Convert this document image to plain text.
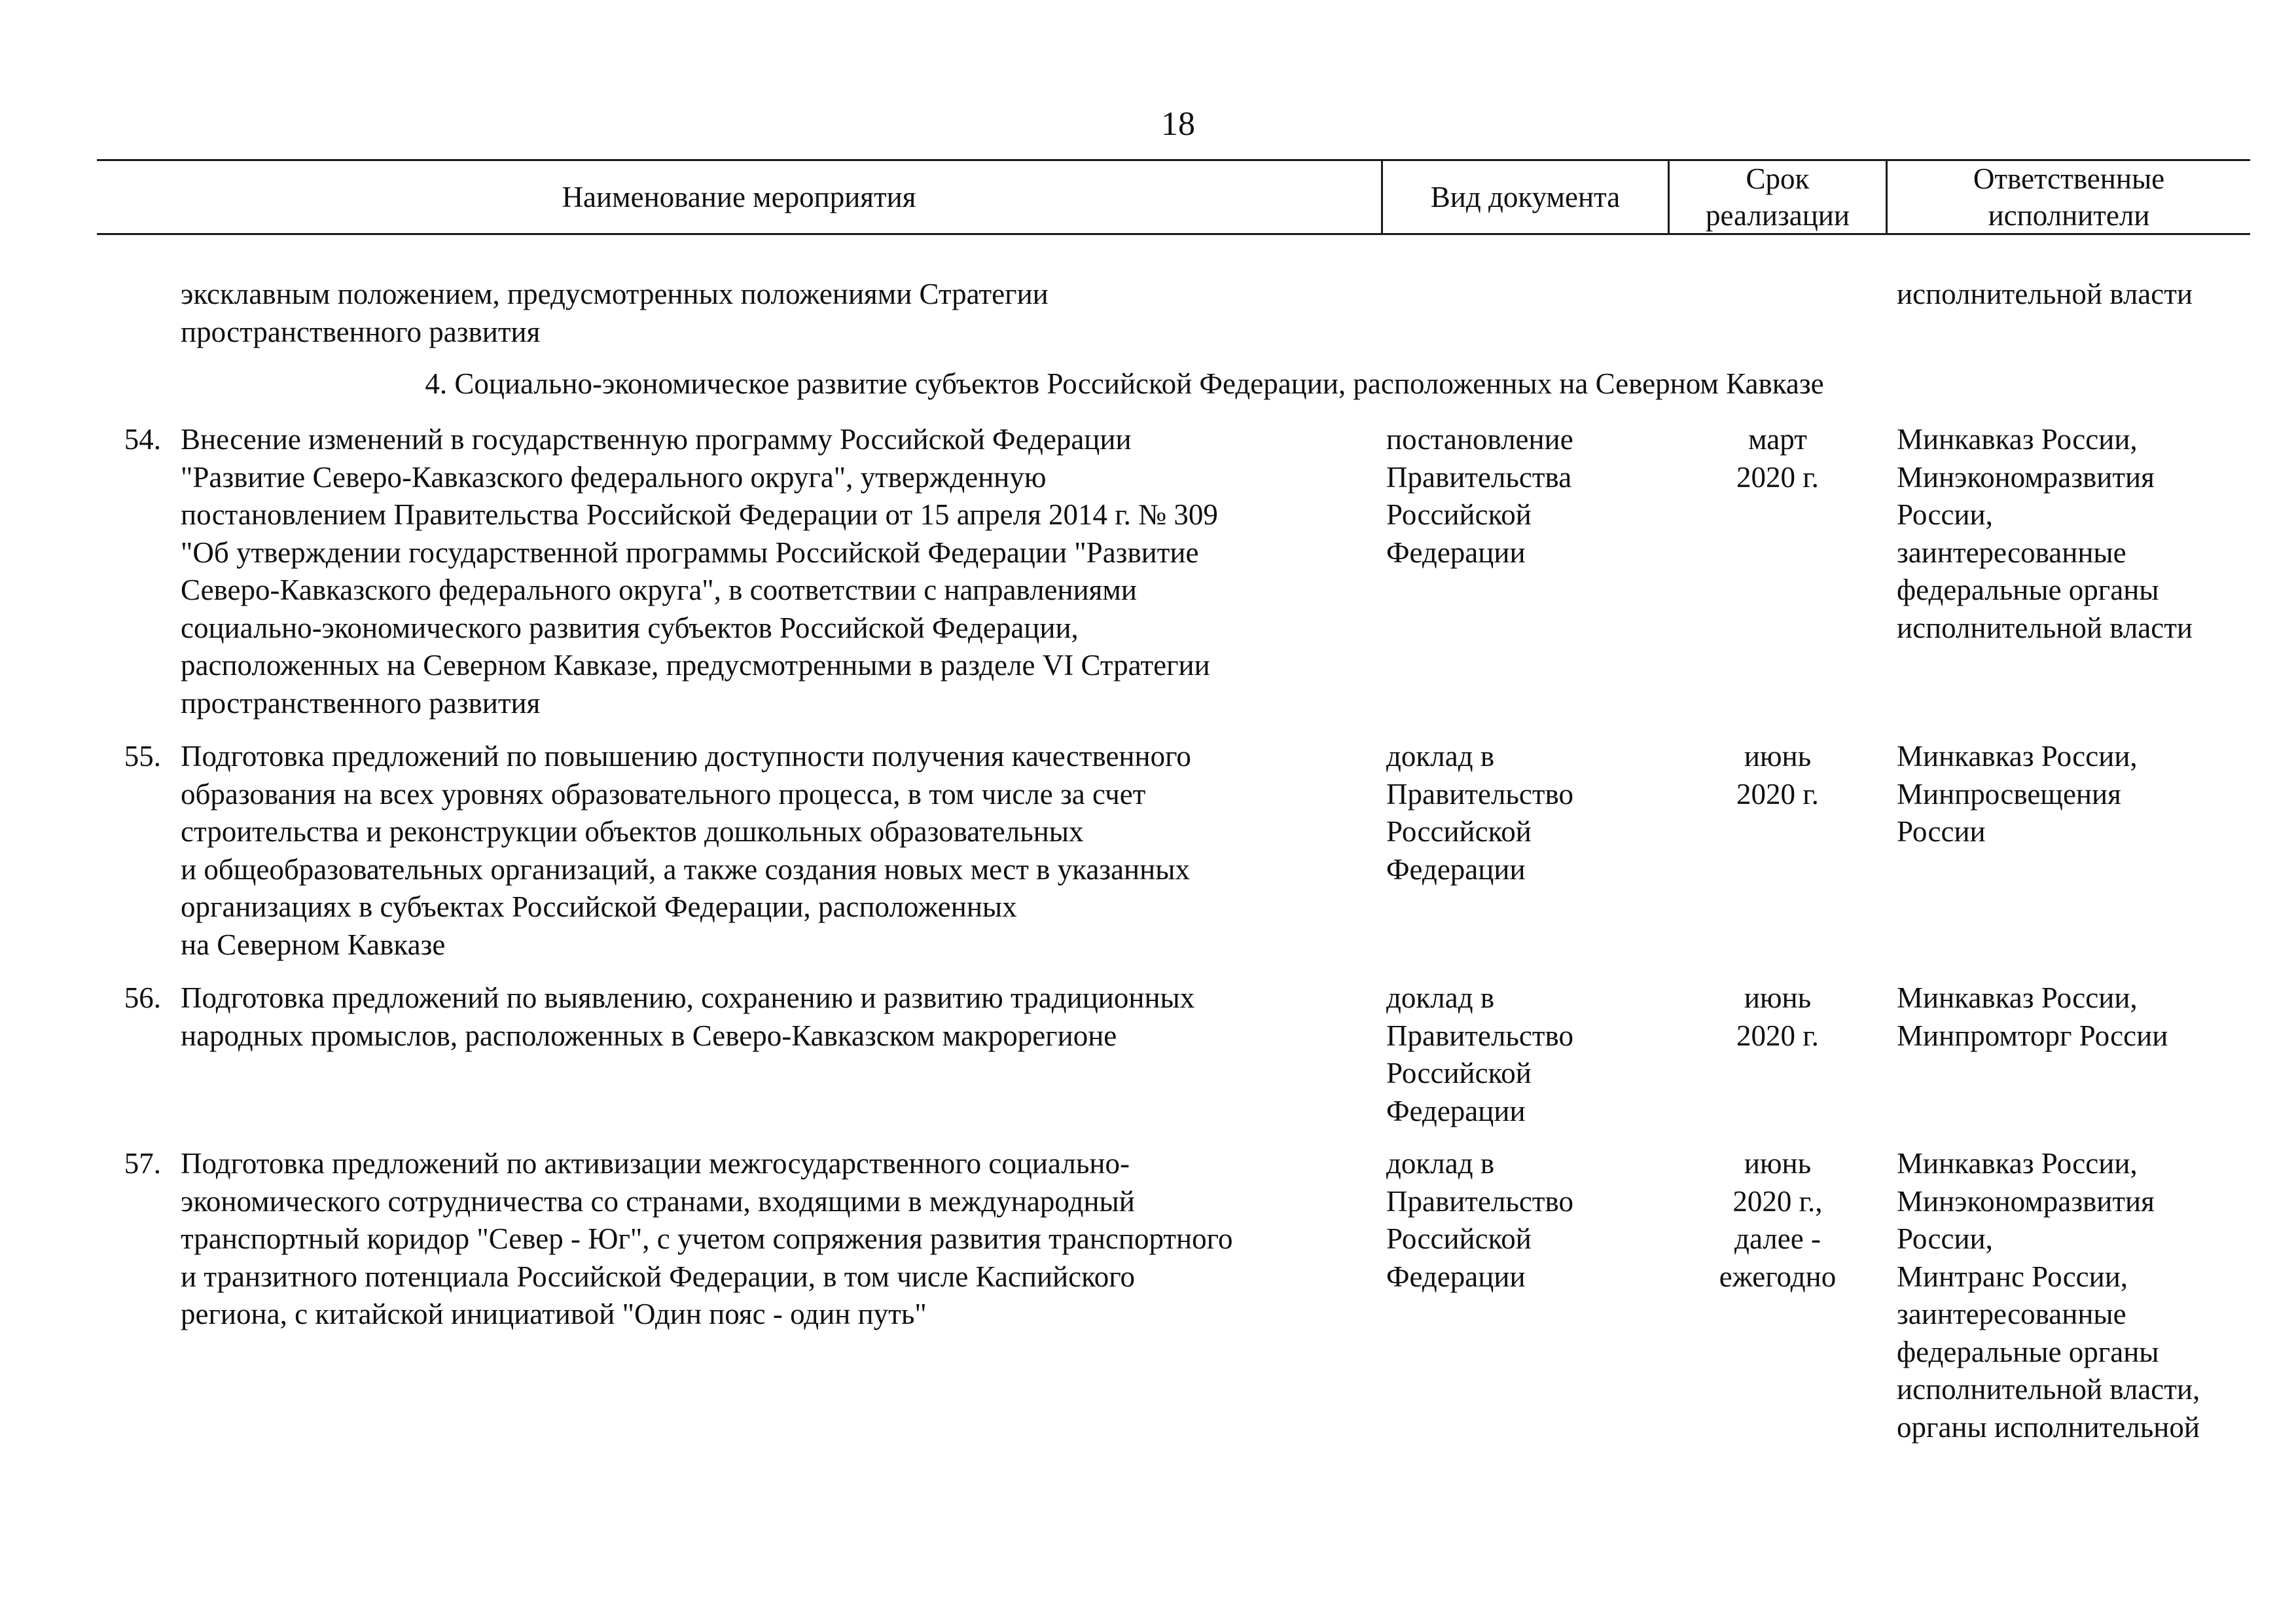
18
Наименование мероприятия	Вид документа
Срок
реализации
Ответственные
исполнители
эксклавным положением, предусмотренных положениями Стратегии
пространственного развития
исполнительной власти
4. Социально-экономическое развитие субъектов Российской Федерации, расположенных на Северном Кавказе
54. Внесение изменений в государственную программу Российской Федерации
"Развитие Северо-Кавказского федерального округа", утвержденную
постановлением Правительства Российской Федерации от 15 апреля 2014 г. № 309
"Об утверждении государственной программы Российской Федерации "Развитие
Северо-Кавказского федерального округа", в соответствии с направлениями
социально-экономического развития субъектов Российской Федерации,
расположенных на Северном Кавказе, предусмотренными в разделе VI Стратегии
пространственного развития
постановление
Правительства
Российской
Федерации
март
2020 г.
Минкавказ России,
Минэкономразвития
России,
заинтересованные
федеральные органы
исполнительной власти
55. Подготовка предложений по повышению доступности получения качественного
образования на всех уровнях образовательного процесса, в том числе за счет
строительства и реконструкции объектов дошкольных образовательных
и общеобразовательных организаций, а также создания новых мест в указанных
организациях в субъектах Российской Федерации, расположенных
на Северном Кавказе
доклад в
Правительство
Российской
Федерации
июнь
2020 г.
Минкавказ России,
Минпросвещения
России
56. Подготовка предложений по выявлению, сохранению и развитию традиционных
народных промыслов, расположенных в Северо-Кавказском макрорегионе
доклад в
Правительство
Российской
Федерации
июнь
2020 г.
Минкавказ России,
Минпромторг России
57. Подготовка предложений по активизации межгосударственного социально-
экономического сотрудничества со странами, входящими в международный
транспортный коридор "Север - Юг", с учетом сопряжения развития транспортного
и транзитного потенциала Российской Федерации, в том числе Каспийского
региона, с китайской инициативой "Один пояс - один путь"
доклад в
Правительство
Российской
Федерации
июнь
2020 г.,
далее -
ежегодно
Минкавказ России,
Минэкономразвития
России,
Минтранс России,
заинтересованные
федеральные органы
исполнительной власти,
органы исполнительной
